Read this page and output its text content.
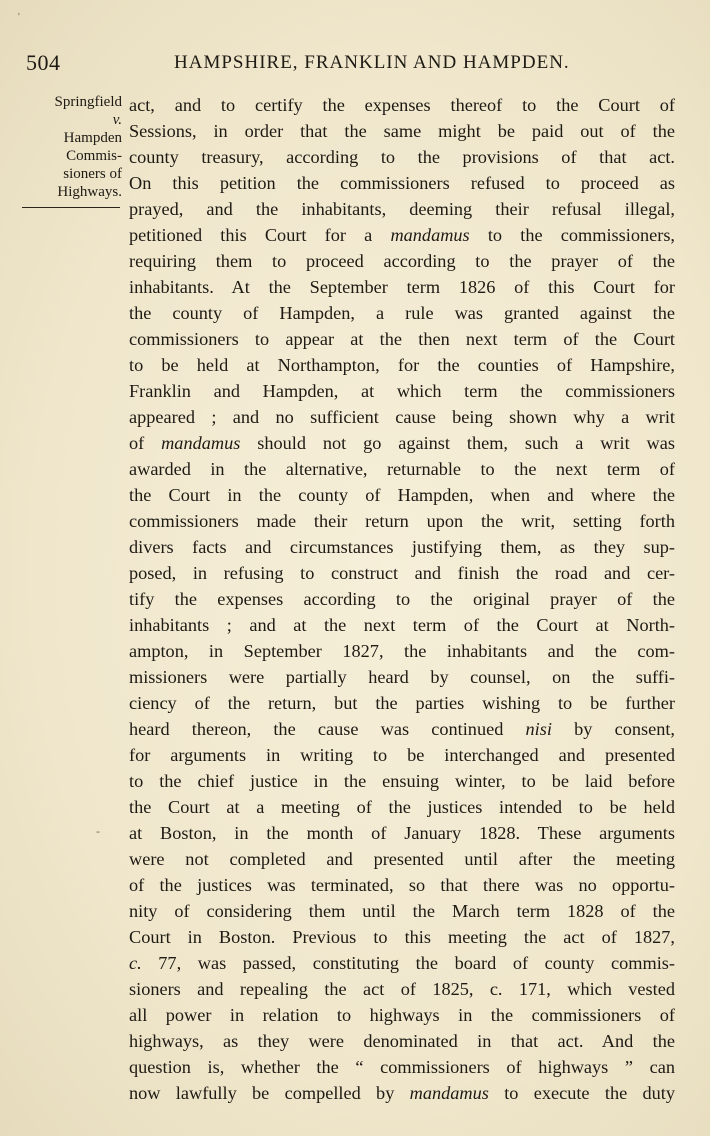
'
504	HAMPSHIRE, FRANKLIN AND HAMPDEN.
Springfield
v.
Hampden
Commis-
sioners of
Highways.
-
act, and to certify the expenses thereof to the Court of
Sessions, in order that the same might be paid out of the
county treasury, according to the provisions of that act.
On this petition the commissioners refused to proceed as
prayed, and the inhabitants, deeming their refusal illegal,
petitioned this Court for a mandamus to the commissioners,
requiring them to proceed according to the prayer of the
inhabitants. At the September term 1826 of this Court for
the county of Hampden, a rule was granted against the
commissioners to appear at the then next term of the Court
to be held at Northampton, for the counties of Hampshire,
Franklin and Hampden, at which term the commissioners
appeared ; and no sufficient cause being shown why a writ
of mandamus should not go against them, such a writ was
awarded in the alternative, returnable to the next term of
the Court in the county of Hampden, when and where the
commissioners made their return upon the writ, setting forth
divers facts and circumstances justifying them, as they sup-
posed, in refusing to construct and finish the road and cer-
tify the expenses according to the original prayer of the
inhabitants ; and at the next term of the Court at North-
ampton, in September 1827, the inhabitants and the com-
missioners were partially heard by counsel, on the suffi-
ciency of the return, but the parties wishing to be further
heard thereon, the cause was continued nisi by consent,
for arguments in writing to be interchanged and presented
to the chief justice in the ensuing winter, to be laid before
the Court at a meeting of the justices intended to be held
at Boston, in the month of January 1828. These arguments
were not completed and presented until after the meeting
of the justices was terminated, so that there was no opportu-
nity of considering them until the March term 1828 of the
Court in Boston. Previous to this meeting the act of 1827,
c. 77, was passed, constituting the board of county commis-
sioners and repealing the act of 1825, c. 171, which vested
all power in relation to highways in the commissioners of
highways, as they were denominated in that act. And the
question is, whether the “ commissioners of highways ” can
now lawfully be compelled by mandamus to execute the duty
